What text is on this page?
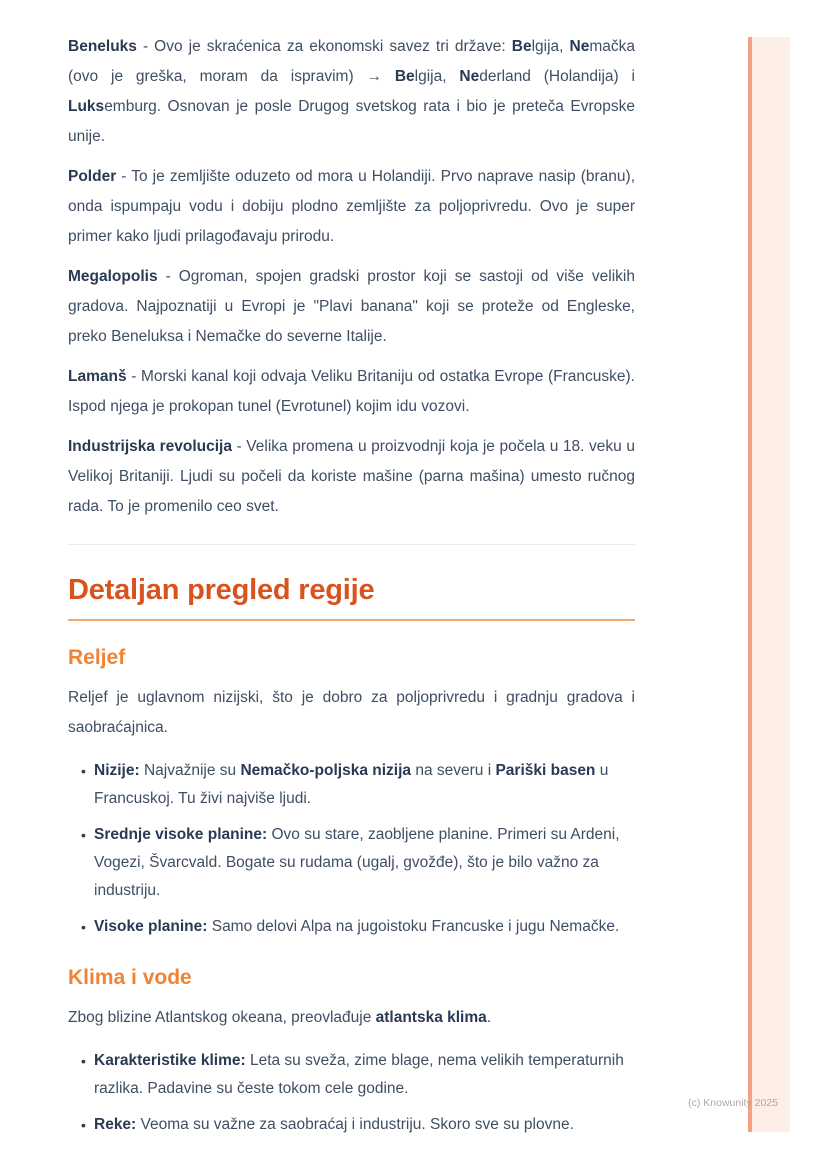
Beneluks - Ovo je skraćenica za ekonomski savez tri države: Belgija, Nemačka (ovo je greška, moram da ispravim) → Belgija, Nederland (Holandija) i Luksemburg. Osnovan je posle Drugog svetskog rata i bio je preteča Evropske unije.

Polder - To je zemljište oduzeto od mora u Holandiji. Prvo naprave nasip (branu), onda ispumpaju vodu i dobiju plodno zemljište za poljoprivredu. Ovo je super primer kako ljudi prilagođavaju prirodu.

Megalopolis - Ogroman, spojen gradski prostor koji se sastoji od više velikih gradova. Najpoznatiji u Evropi je "Plavi banana" koji se proteže od Engleske, preko Beneluksa i Nemačke do severne Italije.

Lamanš - Morski kanal koji odvaja Veliku Britaniju od ostatka Evrope (Francuske). Ispod njega je prokopan tunel (Evrotunel) kojim idu vozovi.

Industrijska revolucija - Velika promena u proizvodnji koja je počela u 18. veku u Velikoj Britaniji. Ljudi su počeli da koriste mašine (parna mašina) umesto ručnog rada. To je promenilo ceo svet.

Detaljan pregled regije
Reljef

Reljef je uglavnom nizijski, što je dobro za poljoprivredu i gradnju gradova i saobraćajnica.

• Nizije: Najvažnije su Nemačko-poljska nizija na severu i Pariški basen u Francuskoj. Tu živi najviše ljudi.
• Srednje visoke planine: Ovo su stare, zaobljene planine. Primeri su Ardeni, Vogezi, Švarcvald. Bogate su rudama (ugalj, gvožđe), što je bilo važno za industriju.
• Visoke planine: Samo delovi Alpa na jugoistoku Francuske i jugu Nemačke.
Klima i vode

Zbog blizine Atlantskog okeana, preovlađuje atlantska klima.

• Karakteristike klime: Leta su sveža, zime blage, nema velikih temperaturnih razlika. Padavine su česte tokom cele godine.
• Reke: Veoma su važne za saobraćaj i industriju. Skoro sve su plovne.
(c) Knowunity 2025
